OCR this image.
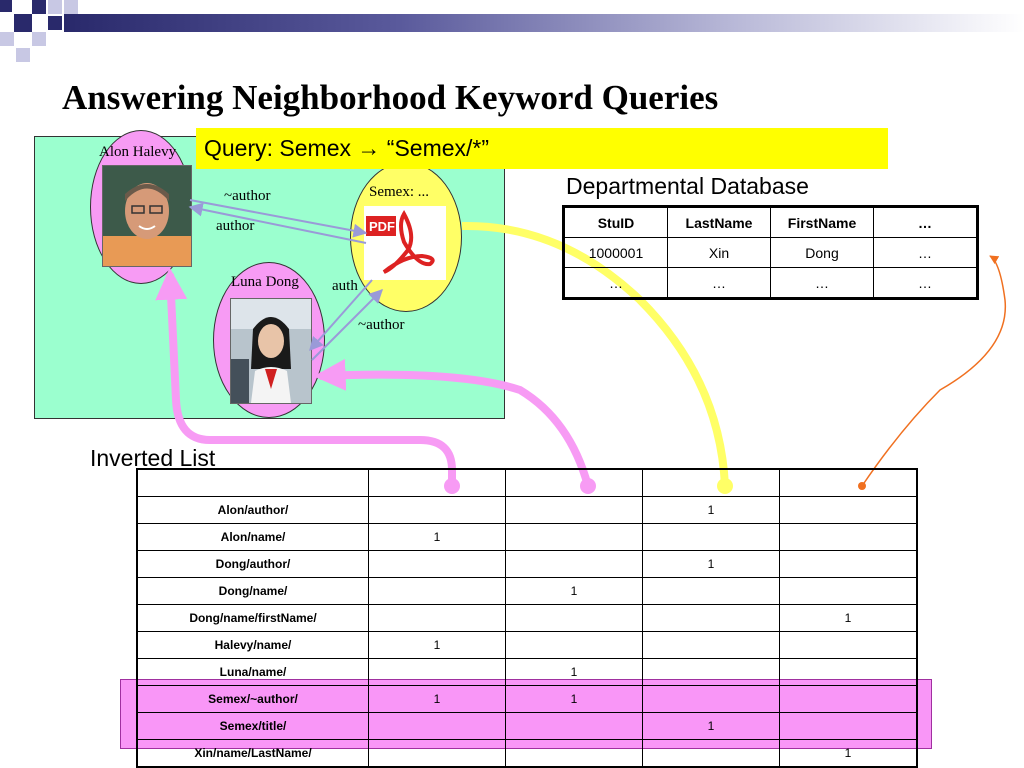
Answering Neighborhood Keyword Queries
Alon Halevy
Luna Dong
Semex: ...
PDF
~author
author
auth
~author
Query: Semex → “Semex/*”
Departmental Database
StuID	LastName	FirstName	…
1000001	Xin	Dong	…
…	…	…	…
Inverted List

Alon/author/			1	
Alon/name/	1			
Dong/author/			1	
Dong/name/		1		
Dong/name/firstName/				1
Halevy/name/	1			
Luna/name/		1		
Semex/~author/	1	1		
Semex/title/			1	
Xin/name/LastName/				1
